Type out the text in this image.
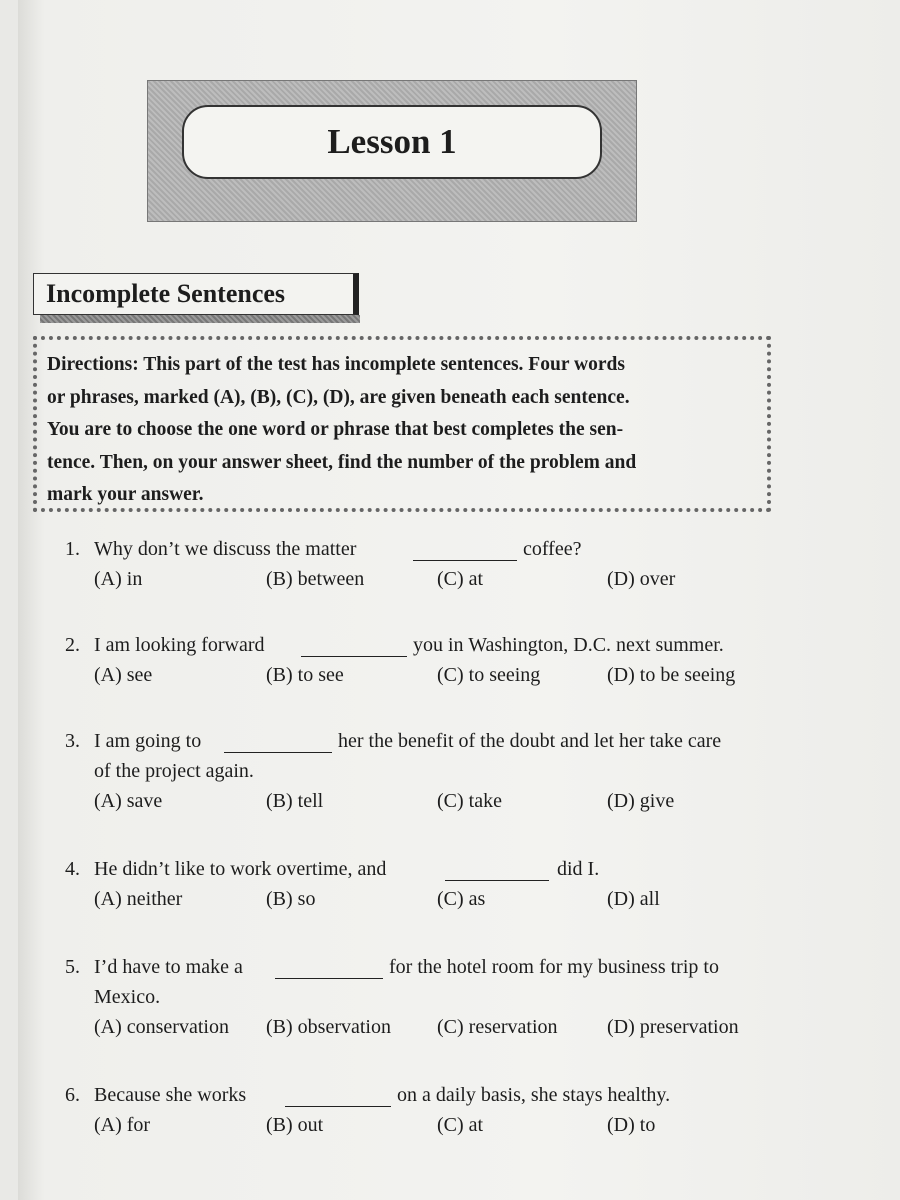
Lesson 1
Incomplete Sentences
Directions: This part of the test has incomplete sentences. Four words
or phrases, marked (A), (B), (C), (D), are given beneath each sentence.
You are to choose the one word or phrase that best completes the sen-
tence. Then, on your answer sheet, find the number of the problem and
mark your answer.
1. Why don’t we discuss the matter	coffee?
(A) in	(B) between	(C) at	(D) over
2. I am looking forward	you in Washington, D.C. next summer.
(A) see	(B) to see	(C) to seeing	(D) to be seeing
3. I am going to	her the benefit of the doubt and let her take care
of the project again.
(A) save	(B) tell	(C) take	(D) give
4. He didn’t like to work overtime, and	did I.
(A) neither	(B) so	(C) as	(D) all
5. I’d have to make a	for the hotel room for my business trip to
Mexico.
(A) conservation (B) observation (C) reservation (D) preservation
6. Because she works	on a daily basis, she stays healthy.
(A) for	(B) out	(C) at	(D) to
